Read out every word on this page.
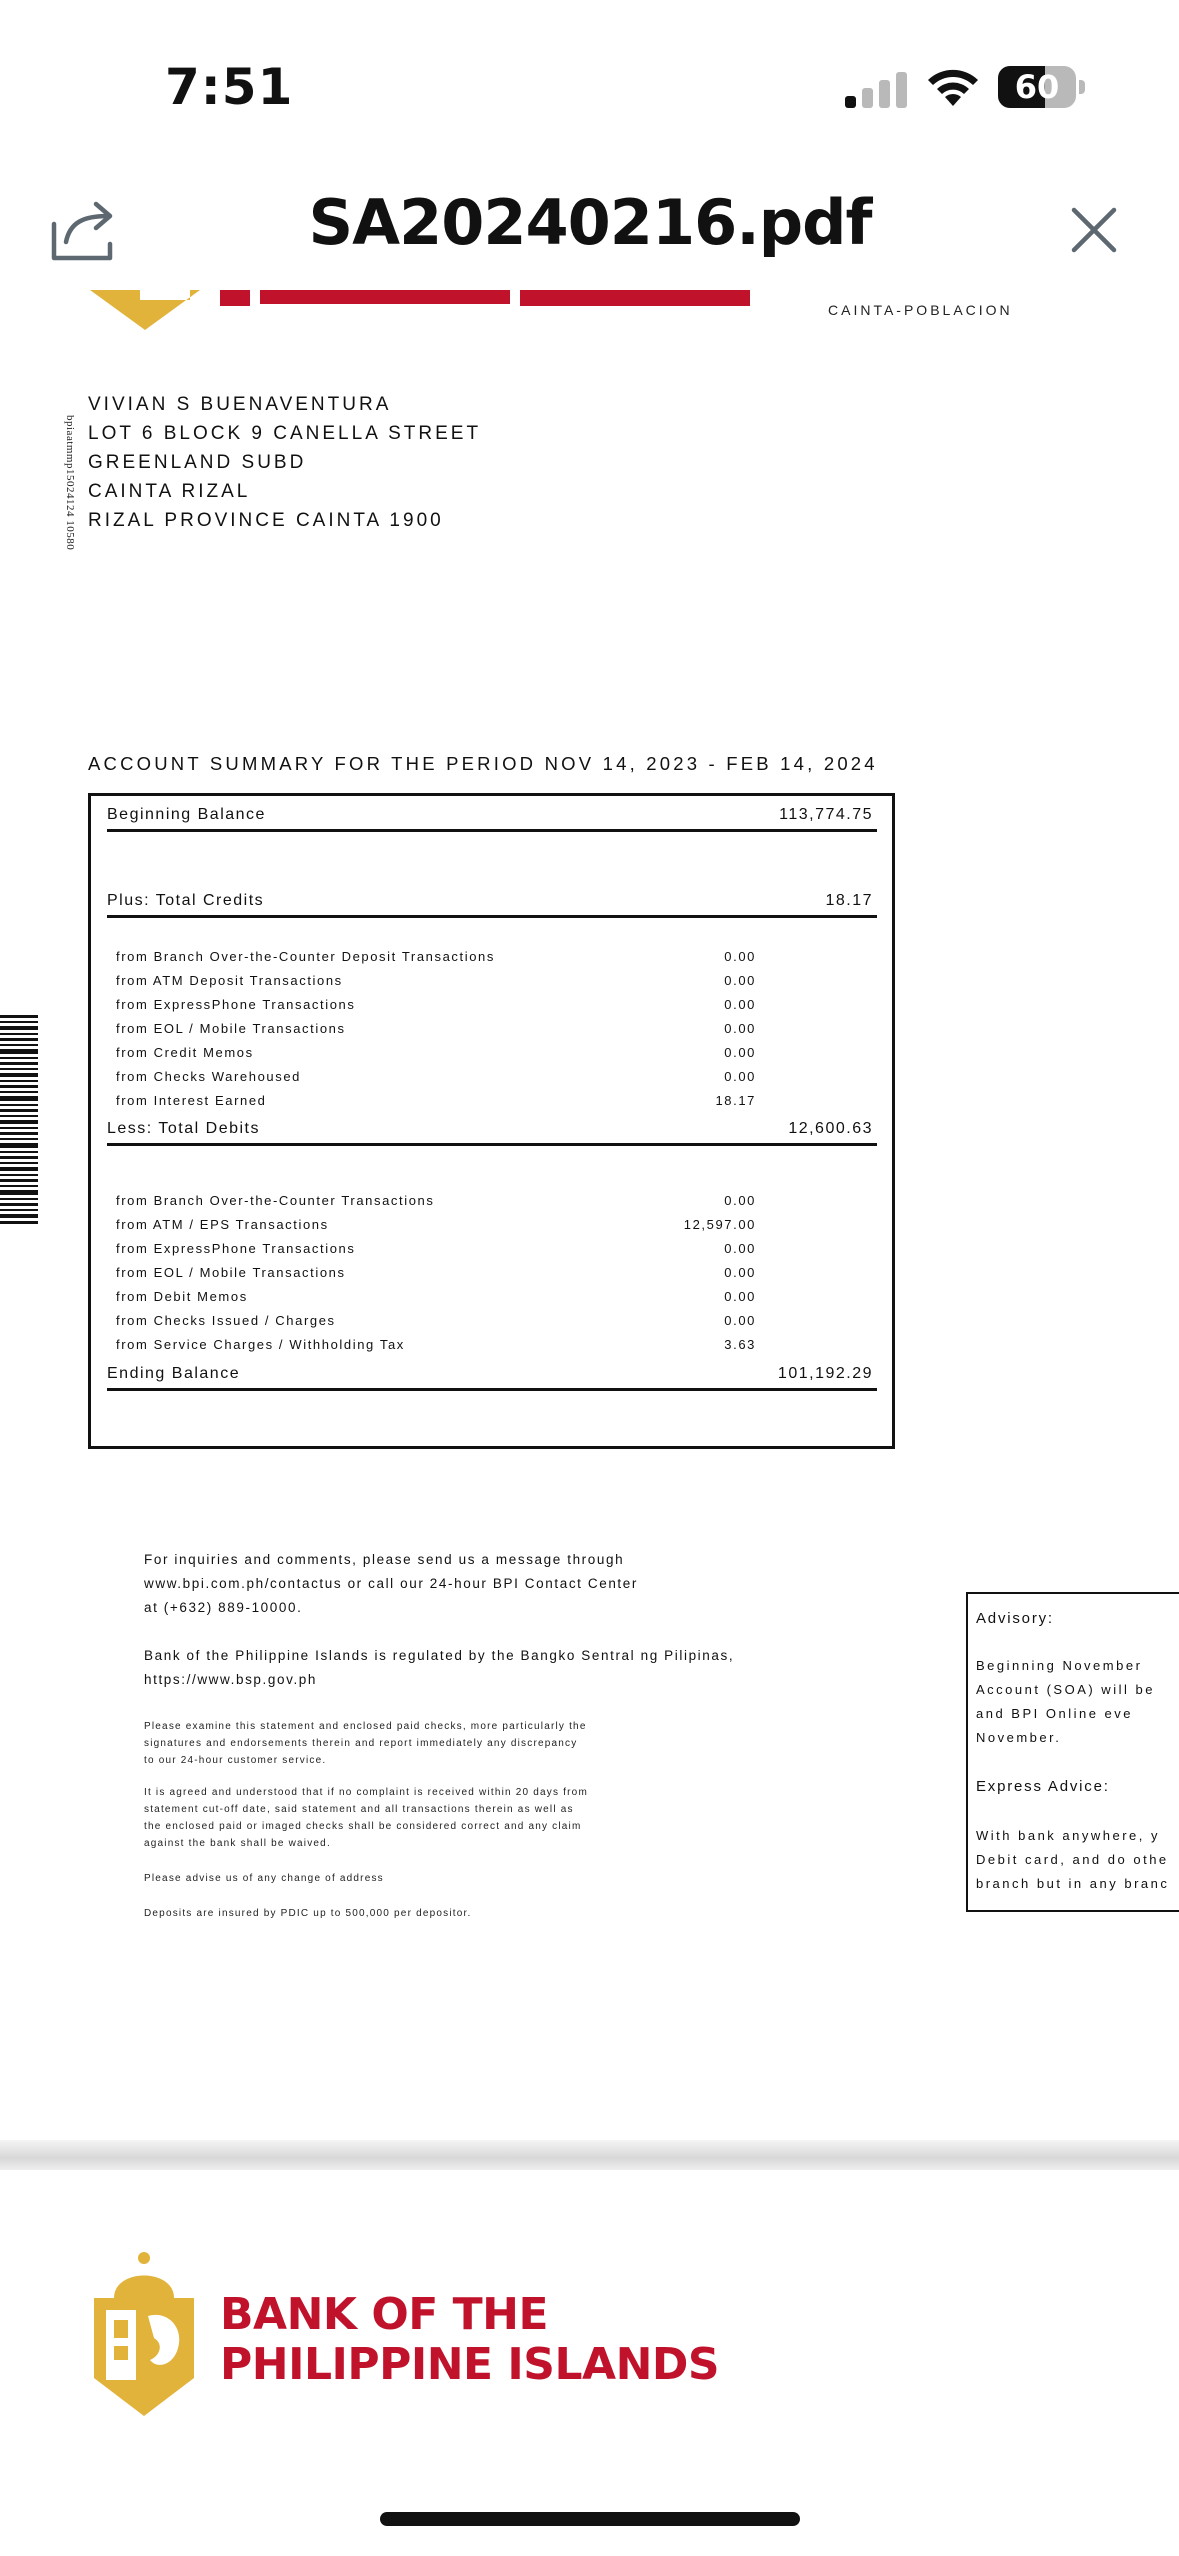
7:51	60
SA20240216.pdf
CAINTA-POBLACION
bpiaatmmp15024124 10580
VIVIAN S BUENAVENTURA
LOT 6 BLOCK 9 CANELLA STREET
GREENLAND SUBD
CAINTA RIZAL
RIZAL PROVINCE CAINTA 1900
ACCOUNT SUMMARY FOR THE PERIOD NOV 14, 2023 - FEB 14, 2024
Beginning Balance	113,774.75
Plus: Total Credits	18.17
from Branch Over-the-Counter Deposit Transactions	0.00
from ATM Deposit Transactions	0.00
from ExpressPhone Transactions	0.00
from EOL / Mobile Transactions	0.00
from Credit Memos	0.00
from Checks Warehoused	0.00
from Interest Earned	18.17
Less: Total Debits	12,600.63
from Branch Over-the-Counter Transactions	0.00
from ATM / EPS Transactions	12,597.00
from ExpressPhone Transactions	0.00
from EOL / Mobile Transactions	0.00
from Debit Memos	0.00
from Checks Issued / Charges	0.00
from Service Charges / Withholding Tax	3.63
Ending Balance	101,192.29
For inquiries and comments, please send us a message through
www.bpi.com.ph/contactus or call our 24-hour BPI Contact Center
at (+632) 889-10000.
Bank of the Philippine Islands is regulated by the Bangko Sentral ng Pilipinas,
https://www.bsp.gov.ph
Please examine this statement and enclosed paid checks, more particularly the
signatures and endorsements therein and report immediately any discrepancy
to our 24-hour customer service.
It is agreed and understood that if no complaint is received within 20 days from
statement cut-off date, said statement and all transactions therein as well as
the enclosed paid or imaged checks shall be considered correct and any claim
against the bank shall be waived.
Please advise us of any change of address
Deposits are insured by PDIC up to 500,000 per depositor.
Advisory:
Beginning November
Account (SOA) will be
and BPI Online eve
November.
Express Advice:
With bank anywhere, y
Debit card, and do othe
branch but in any branc
BANK OF THE
PHILIPPINE ISLANDS
